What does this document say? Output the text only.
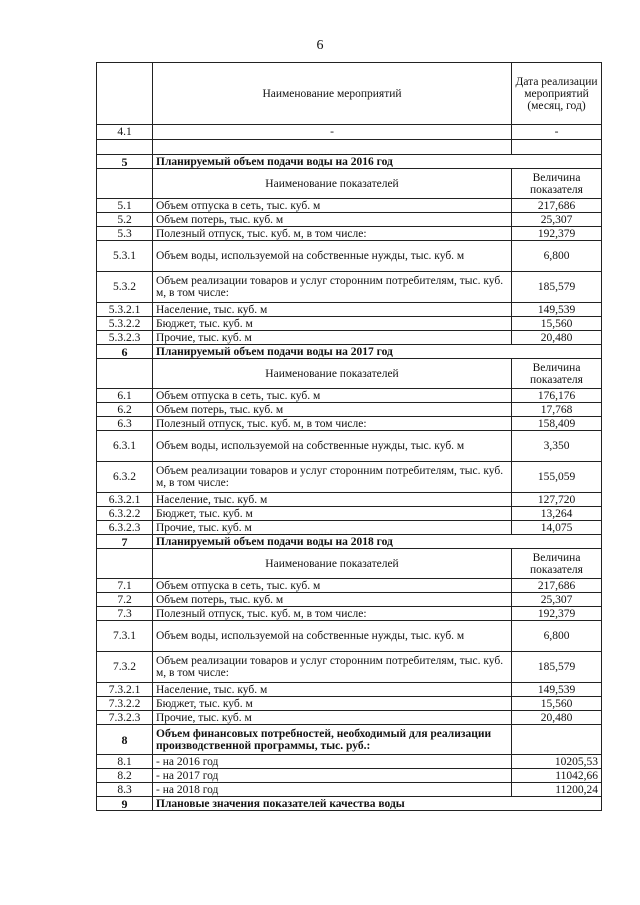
6
	Наименование мероприятий	Дата реализации мероприятий (месяц, год)
4.1	-	-

5	Планируемый объем подачи воды на 2016 год	
	Наименование показателей	Величина показателя
5.1	Объем отпуска в сеть, тыс. куб. м	217,686
5.2	Объем потерь, тыс. куб. м	25,307
5.3	Полезный отпуск, тыс. куб. м, в том числе:	192,379
5.3.1	Объем воды, используемой на собственные нужды, тыс. куб. м	6,800
5.3.2	Объем реализации товаров и услуг сторонним потребителям, тыс. куб. м, в том числе:	185,579
5.3.2.1	Население, тыс. куб. м	149,539
5.3.2.2	Бюджет, тыс. куб. м	15,560
5.3.2.3	Прочие, тыс. куб. м	20,480
6	Планируемый объем подачи воды на 2017 год	
	Наименование показателей	Величина показателя
6.1	Объем отпуска в сеть, тыс. куб. м	176,176
6.2	Объем потерь, тыс. куб. м	17,768
6.3	Полезный отпуск, тыс. куб. м, в том числе:	158,409
6.3.1	Объем воды, используемой на собственные нужды, тыс. куб. м	3,350
6.3.2	Объем реализации товаров и услуг сторонним потребителям, тыс. куб. м, в том числе:	155,059
6.3.2.1	Население, тыс. куб. м	127,720
6.3.2.2	Бюджет, тыс. куб. м	13,264
6.3.2.3	Прочие, тыс. куб. м	14,075
7	Планируемый объем подачи воды на 2018 год	
	Наименование показателей	Величина показателя
7.1	Объем отпуска в сеть, тыс. куб. м	217,686
7.2	Объем потерь, тыс. куб. м	25,307
7.3	Полезный отпуск, тыс. куб. м, в том числе:	192,379
7.3.1	Объем воды, используемой на собственные нужды, тыс. куб. м	6,800
7.3.2	Объем реализации товаров и услуг сторонним потребителям, тыс. куб. м, в том числе:	185,579
7.3.2.1	Население, тыс. куб. м	149,539
7.3.2.2	Бюджет, тыс. куб. м	15,560
7.3.2.3	Прочие, тыс. куб. м	20,480
8	Объем финансовых потребностей, необходимый для реализации производственной программы, тыс. руб.:	
8.1	- на 2016 год	10205,53
8.2	- на 2017 год	11042,66
8.3	- на 2018 год	11200,24
9	Плановые значения показателей качества воды	
